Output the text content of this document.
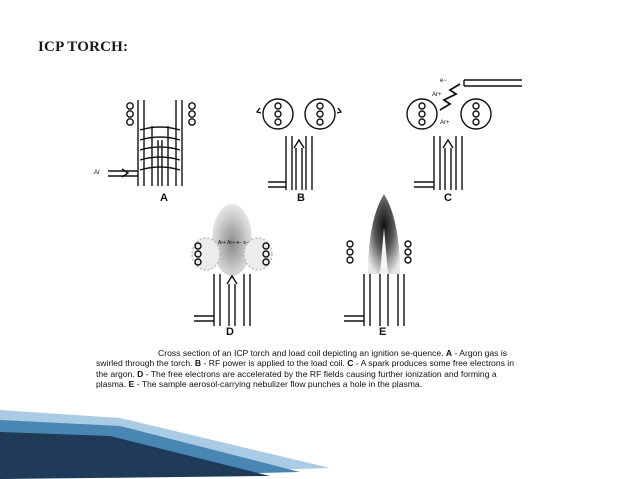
ICP TORCH:
Ar
e−
Ar+
Ar+
Ar+ Ar+ e− e−
A	B	C
D	E
Cross section of an ICP torch and load coil depicting an ignition se-quence. A - Argon gas is swirled through the torch. B - RF power is applied to the load coil. C - A spark produces some free electrons in the argon. D - The free electrons are accelerated by the RF fields causing further ionization and forming a plasma. E - The sample aerosol-carrying nebulizer flow punches a hole in the plasma.
